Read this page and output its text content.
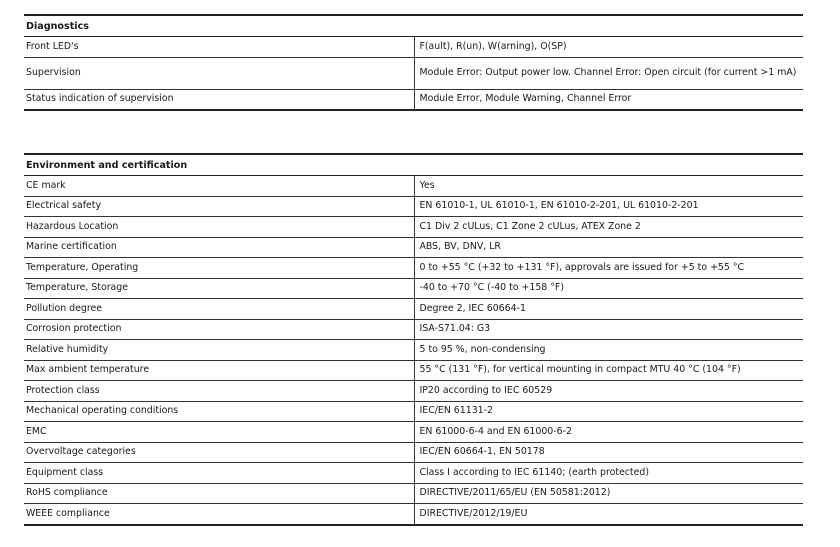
Diagnostics	
Front LED's	F(ault), R(un), W(arning), O(SP)
Supervision	Module Error: Output power low. Channel Error: Open circuit (for current >1 mA)
Status indication of supervision	Module Error, Module Warning, Channel Error
Environment and certification	
CE mark	Yes
Electrical safety	EN 61010-1, UL 61010-1, EN 61010-2-201, UL 61010-2-201
Hazardous Location	C1 Div 2 cULus, C1 Zone 2 cULus, ATEX Zone 2
Marine certification	ABS, BV, DNV, LR
Temperature, Operating	0 to +55 °C (+32 to +131 °F), approvals are issued for +5 to +55 °C
Temperature, Storage	-40 to +70 °C (-40 to +158 °F)
Pollution degree	Degree 2, IEC 60664-1
Corrosion protection	ISA-S71.04: G3
Relative humidity	5 to 95 %, non-condensing
Max ambient temperature	55 °C (131 °F), for vertical mounting in compact MTU 40 °C (104 °F)
Protection class	IP20 according to IEC 60529
Mechanical operating conditions	IEC/EN 61131-2
EMC	EN 61000-6-4 and EN 61000-6-2
Overvoltage categories	IEC/EN 60664-1, EN 50178
Equipment class	Class I according to IEC 61140; (earth protected)
RoHS compliance	DIRECTIVE/2011/65/EU (EN 50581:2012)
WEEE compliance	DIRECTIVE/2012/19/EU
